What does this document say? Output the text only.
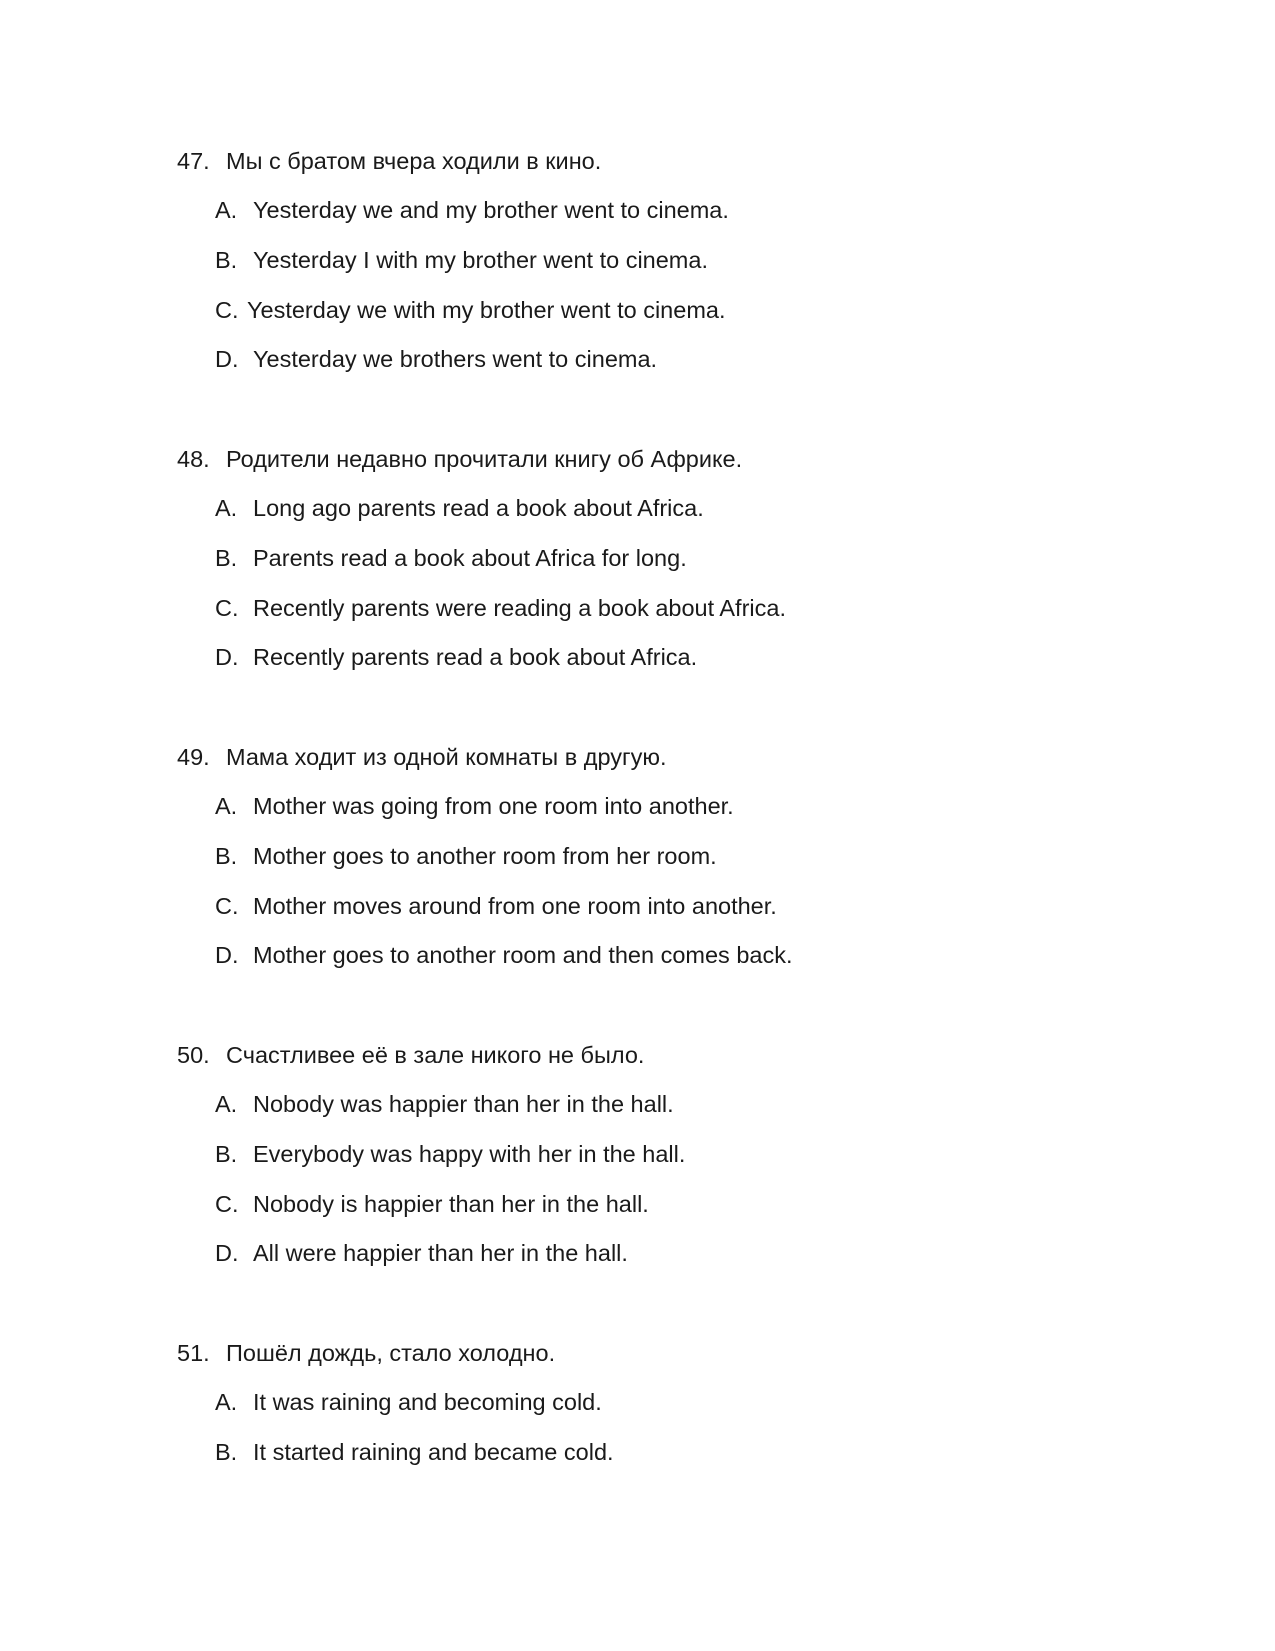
47. Мы с братом вчера ходили в кино.
A. Yesterday we and my brother went to cinema.
B. Yesterday I with my brother went to cinema.
C. Yesterday we with my brother went to cinema.
D. Yesterday we brothers went to cinema.
48. Родители недавно прочитали книгу об Африке.
A. Long ago parents read a book about Africa.
B. Parents read a book about Africa for long.
C. Recently parents were reading a book about Africa.
D. Recently parents read a book about Africa.
49. Мама ходит из одной комнаты в другую.
A. Mother was going from one room into another.
B. Mother goes to another room from her room.
C. Mother moves around from one room into another.
D. Mother goes to another room and then comes back.
50. Счастливее её в зале никого не было.
A. Nobody was happier than her in the hall.
B. Everybody was happy with her in the hall.
C. Nobody is happier than her in the hall.
D. All were happier than her in the hall.
51. Пошёл дождь, стало холодно.
A. It was raining and becoming cold.
B. It started raining and became cold.
